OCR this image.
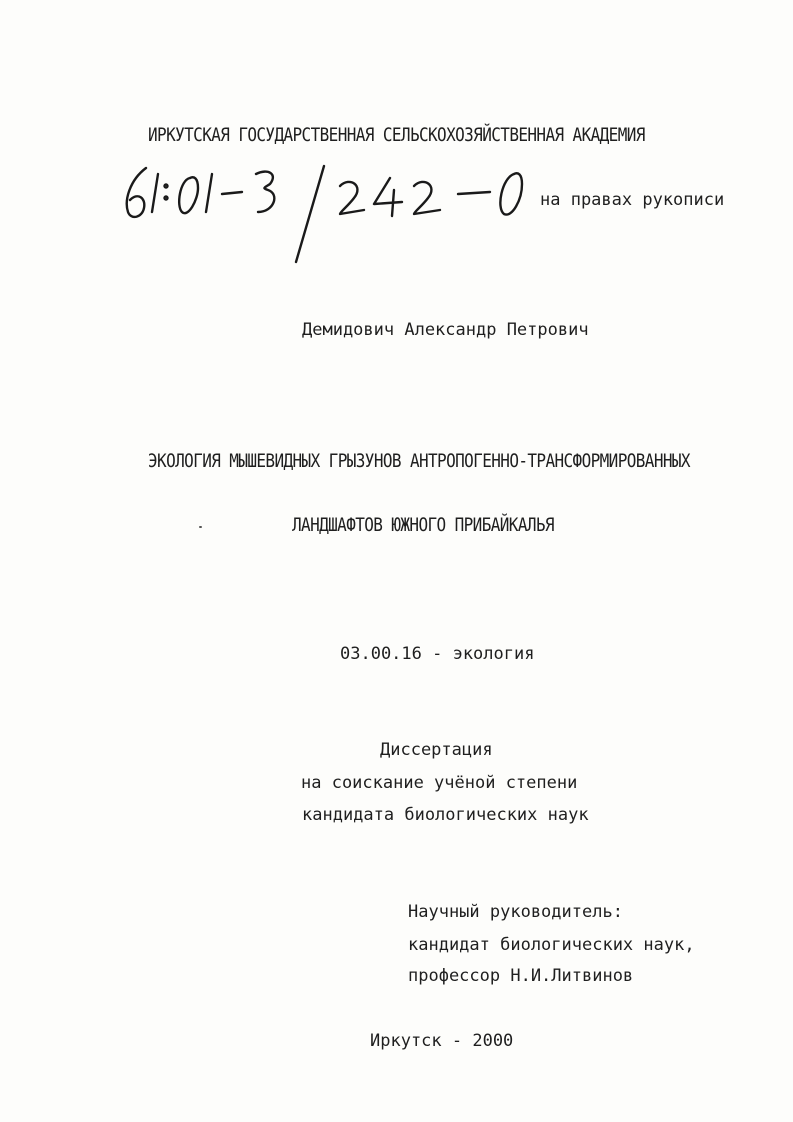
ИРКУТСКАЯ ГОСУДАРСТВЕННАЯ СЕЛЬСКОХОЗЯЙСТВЕННАЯ АКАДЕМИЯ
на правах рукописи
Демидович Александр Петрович
ЭКОЛОГИЯ МЫШЕВИДНЫХ ГРЫЗУНОВ АНТРОПОГЕННО-ТРАНСФОРМИРОВАННЫХ
ЛАНДШАФТОВ ЮЖНОГО ПРИБАЙКАЛЬЯ
03.00.16 - экология
Диссертация
на соискание учёной степени
кандидата биологических наук
Научный руководитель:
кандидат биологических наук,
профессор Н.И.Литвинов
Иркутск - 2000
